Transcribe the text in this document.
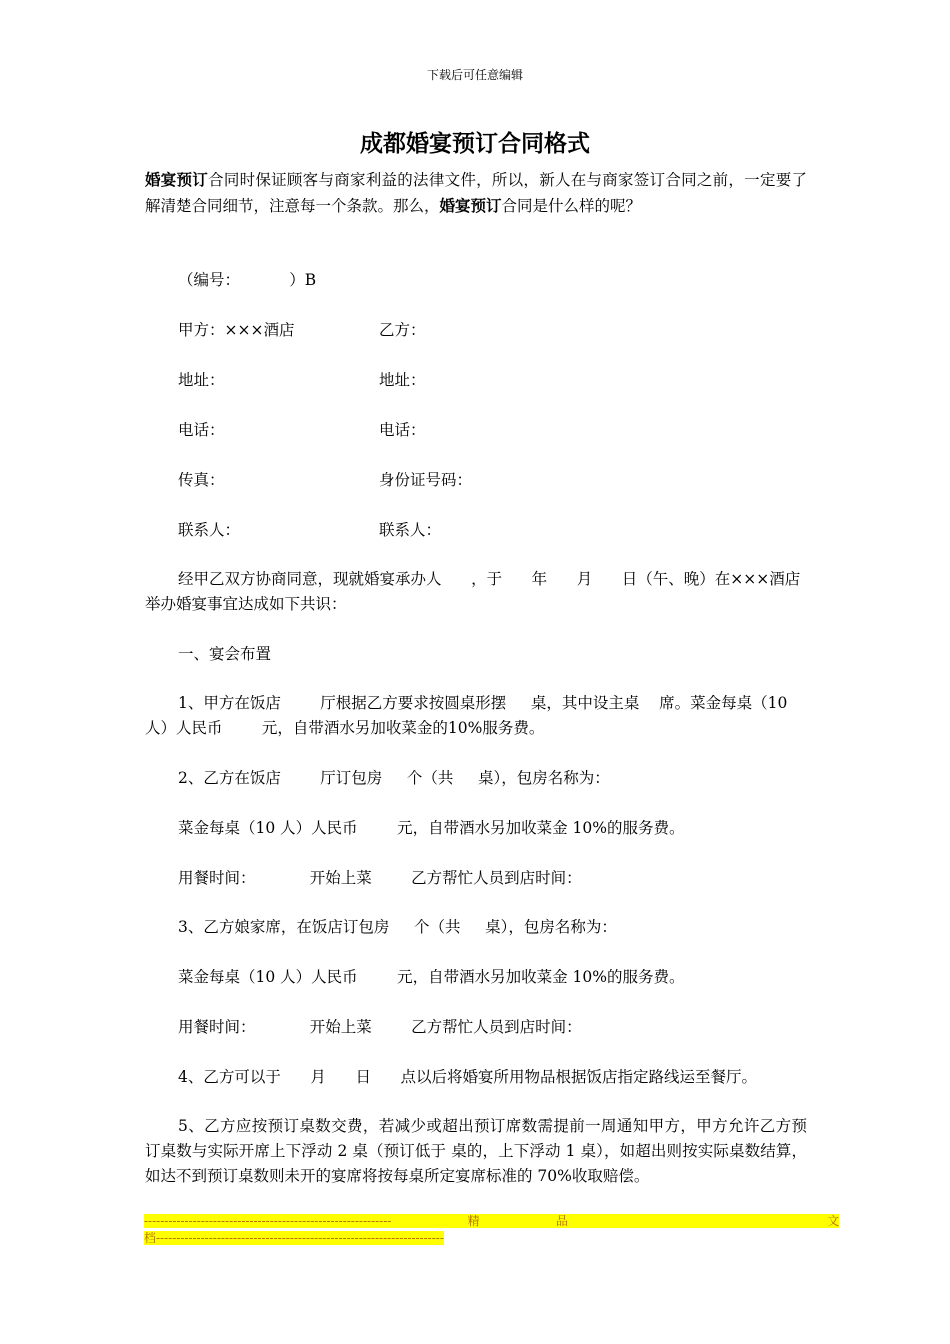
下载后可任意编辑
成都婚宴预订合同格式
婚宴预订合同时保证顾客与商家利益的法律文件，所以，新人在与商家签订合同之前，一定要了解清楚合同细节，注意每一个条款。那么，婚宴预订合同是什么样的呢？
（编号：          ）B
甲方：×××酒店	乙方：
地址：	地址：
电话：	电话：
传真：	身份证号码：
联系人：	联系人：
经甲乙双方协商同意，现就婚宴承办人      ，于      年      月      日（午、晚）在×××酒店
举办婚宴事宜达成如下共识：
一、宴会布置
1、甲方在饭店        厅根据乙方要求按圆桌形摆     桌，其中设主桌    席。菜金每桌（10
人）人民币        元，自带酒水另加收菜金的10%服务费。
2、乙方在饭店        厅订包房     个（共     桌），包房名称为：
菜金每桌（10 人）人民币        元，自带酒水另加收菜金 10%的服务费。
用餐时间：           开始上菜        乙方帮忙人员到店时间：
3、乙方娘家席，在饭店订包房     个（共     桌），包房名称为：
菜金每桌（10 人）人民币        元，自带酒水另加收菜金 10%的服务费。
用餐时间：           开始上菜        乙方帮忙人员到店时间：
4、乙方可以于      月      日      点以后将婚宴所用物品根据饭店指定路线运至餐厅。
5、乙方应按预订桌数交费，若减少或超出预订席数需提前一周通知甲方，甲方允许乙方预订桌数与实际开席上下浮动 2 桌（预订低于 桌的，上下浮动 1 桌），如超出则按实际桌数结算，如达不到预订桌数则未开的宴席将按每桌所定宴席标准的 70%收取赔偿。
-------------------------------------------------------------                    精                    品                                                                    文
档-----------------------------------------------------------------------
